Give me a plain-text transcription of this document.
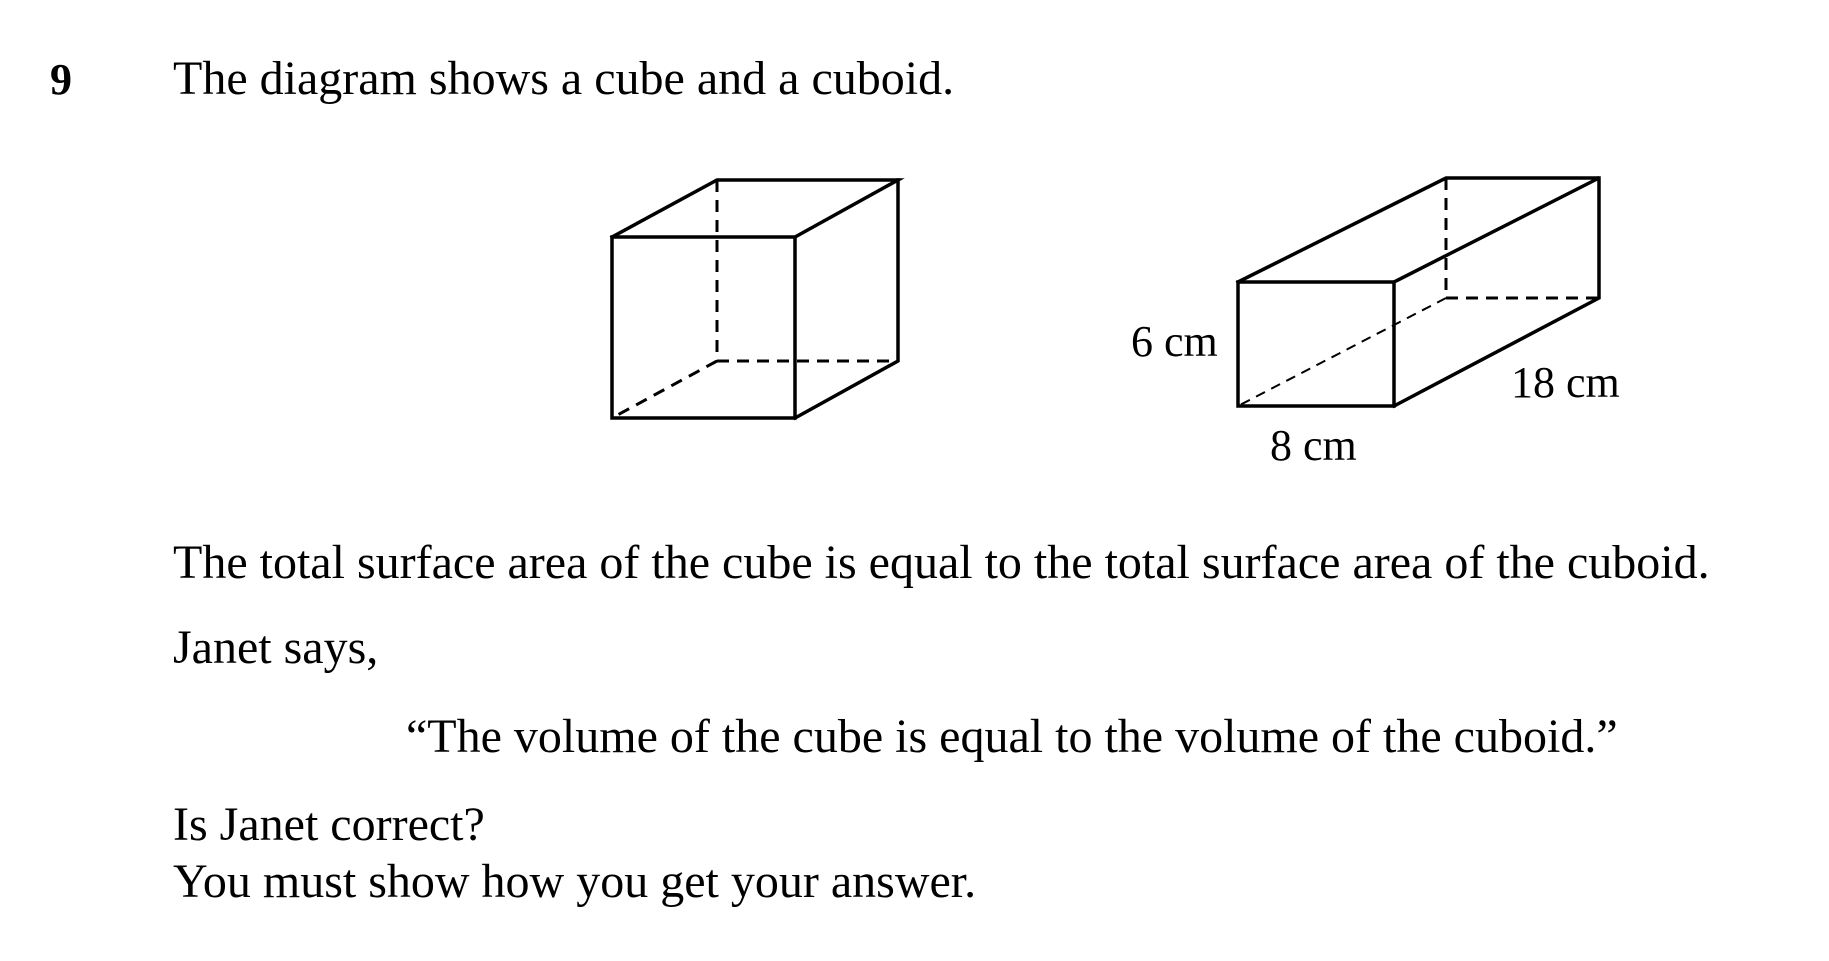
9 The diagram shows a cube and a cuboid.
6 cm
8 cm
18 cm
The total surface area of the cube is equal to the total surface area of the cuboid.
Janet says,
“The volume of the cube is equal to the volume of the cuboid.”
Is Janet correct?
You must show how you get your answer.
